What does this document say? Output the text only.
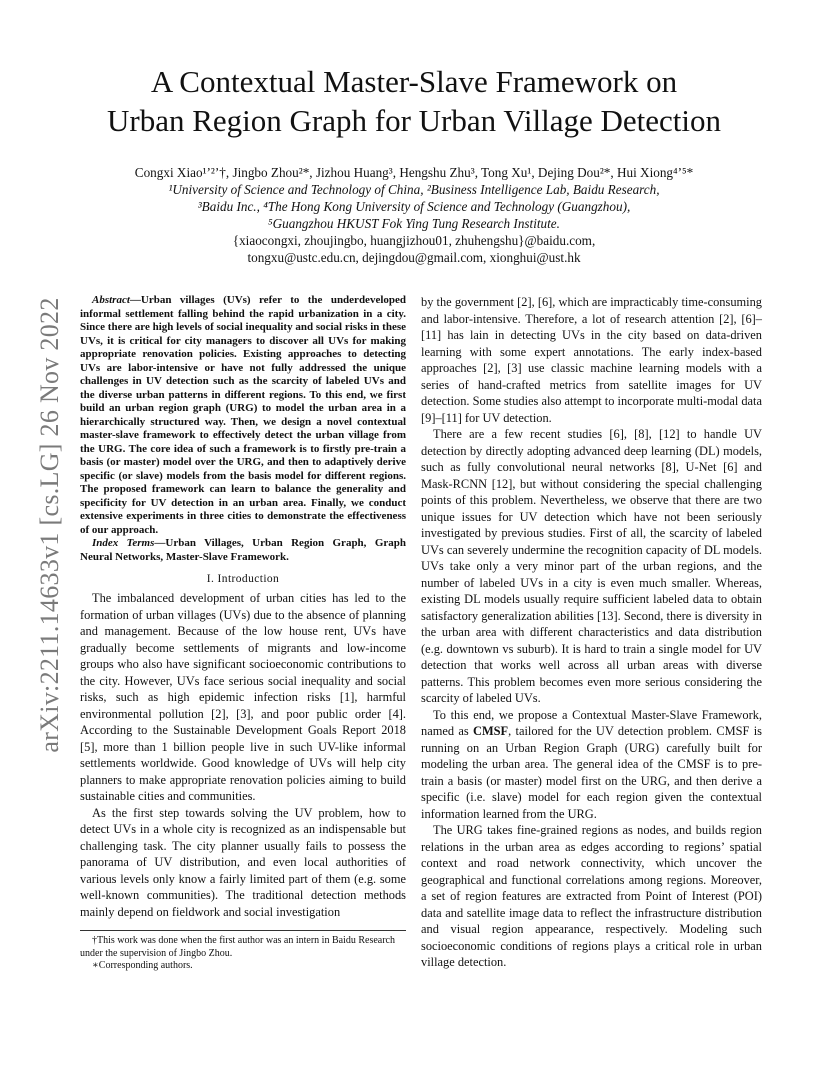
A Contextual Master-Slave Framework on
Urban Region Graph for Urban Village Detection
Congxi Xiao¹ʼ²ʼ†, Jingbo Zhou²*, Jizhou Huang³, Hengshu Zhu³, Tong Xu¹, Dejing Dou²*, Hui Xiong⁴ʼ⁵*
¹University of Science and Technology of China, ²Business Intelligence Lab, Baidu Research,
³Baidu Inc., ⁴The Hong Kong University of Science and Technology (Guangzhou),
⁵Guangzhou HKUST Fok Ying Tung Research Institute.
{xiaocongxi, zhoujingbo, huangjizhou01, zhuhengshu}@baidu.com,
tongxu@ustc.edu.cn, dejingdou@gmail.com, xionghui@ust.hk
arXiv:2211.14633v1 [cs.LG] 26 Nov 2022	Abstract—Urban villages (UVs) refer to the underdeveloped informal settlement falling behind the rapid urbanization in a city. Since there are high levels of social inequality and social risks in these UVs, it is critical for city managers to discover all UVs for making appropriate renovation policies. Existing approaches to detecting UVs are labor-intensive or have not fully addressed the unique challenges in UV detection such as the scarcity of labeled UVs and the diverse urban patterns in different regions. To this end, we first build an urban region graph (URG) to model the urban area in a hierarchically structured way. Then, we design a novel contextual master-slave framework to effectively detect the urban village from the URG. The core idea of such a framework is to firstly pre-train a basis (or master) model over the URG, and then to adaptively derive specific (or slave) models from the basis model for different regions. The proposed framework can learn to balance the generality and specificity for UV detection in an urban area. Finally, we conduct extensive experiments in three cities to demonstrate the effectiveness of our approach.

Index Terms—Urban Villages, Urban Region Graph, Graph Neural Networks, Master-Slave Framework.

I. Introduction

The imbalanced development of urban cities has led to the formation of urban villages (UVs) due to the absence of planning and management. Because of the low house rent, UVs have gradually become settlements of migrants and low-income groups who also have significant socioeconomic contributions to the city. However, UVs face serious social inequality and social risks, such as high epidemic infection risks [1], harmful environmental pollution [2], [3], and poor public order [4]. According to the Sustainable Development Goals Report 2018 [5], more than 1 billion people live in such UV-like informal settlements worldwide. Good knowledge of UVs will help city planners to make appropriate renovation policies aiming to build sustainable cities and communities.

As the first step towards solving the UV problem, how to detect UVs in a whole city is recognized as an indispensable but challenging task. The city planner usually fails to possess the panorama of UV distribution, and even local authorities of various levels only know a fairly limited part of them (e.g. some well-known communities). The traditional detection methods mainly depend on fieldwork and social investigation

by the government [2], [6], which are impracticably time-consuming and labor-intensive. Therefore, a lot of research attention [2], [6]–[11] has lain in detecting UVs in the city based on data-driven learning with some expert annotations. The early index-based approaches [2], [3] use classic machine learning models with a series of hand-crafted metrics from satellite images for UV detection. Some studies also attempt to incorporate multi-modal data [9]–[11] for UV detection.

There are a few recent studies [6], [8], [12] to handle UV detection by directly adopting advanced deep learning (DL) models, such as fully convolutional neural networks [8], U-Net [6] and Mask-RCNN [12], but without considering the special challenging points of this problem. Nevertheless, we observe that there are two unique issues for UV detection which have not been seriously investigated by previous studies. First of all, the scarcity of labeled UVs can severely undermine the recognition capacity of DL models. UVs take only a very minor part of the urban regions, and the number of labeled UVs in a city is even much smaller. Whereas, existing DL models usually require sufficient labeled data to obtain satisfactory generalization abilities [13]. Second, there is diversity in the urban area with different characteristics and data distribution (e.g. downtown vs suburb). It is hard to train a single model for UV detection that works well across all urban areas with diverse patterns. This problem becomes even more serious considering the scarcity of labeled UVs.

To this end, we propose a Contextual Master-Slave Framework, named as CMSF, tailored for the UV detection problem. CMSF is running on an Urban Region Graph (URG) carefully built for modeling the urban area. The general idea of the CMSF is to pre-train a basis (or master) model first on the URG, and then derive a specific (i.e. slave) model for each region given the contextual information learned from the URG.

The URG takes fine-grained regions as nodes, and builds region relations in the urban area as edges according to regions’ spatial context and road network connectivity, which uncover the geographical and functional correlations among regions. Moreover, a set of region features are extracted from Point of Interest (POI) data and satellite image data to reflect the infrastructure distribution and visual region appearance, respectively. Modeling such socioeconomic conditions of regions plays a critical role in urban village detection.

†This work was done when the first author was an intern in Baidu Research under the supervision of Jingbo Zhou.
∗Corresponding authors.
